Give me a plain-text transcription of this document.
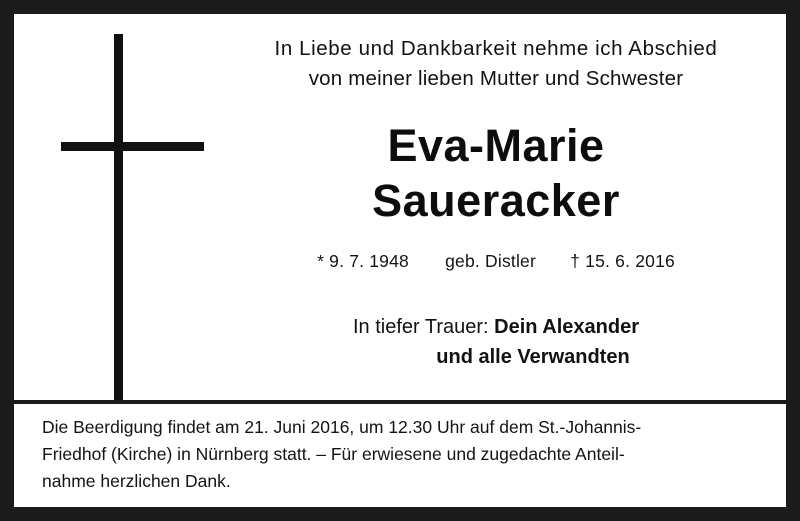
In Liebe und Dankbarkeit nehme ich Abschied
von meiner lieben Mutter und Schwester

Eva-Marie
Saueracker
* 9. 7. 1948 geb. Distler † 15. 6. 2016
In tiefer Trauer: Dein Alexander
und alle Verwandten
Die Beerdigung findet am 21. Juni 2016, um 12.30 Uhr auf dem St.-Johannis-
Friedhof (Kirche) in Nürnberg statt. – Für erwiesene und zugedachte Anteil-
nahme herzlichen Dank.
